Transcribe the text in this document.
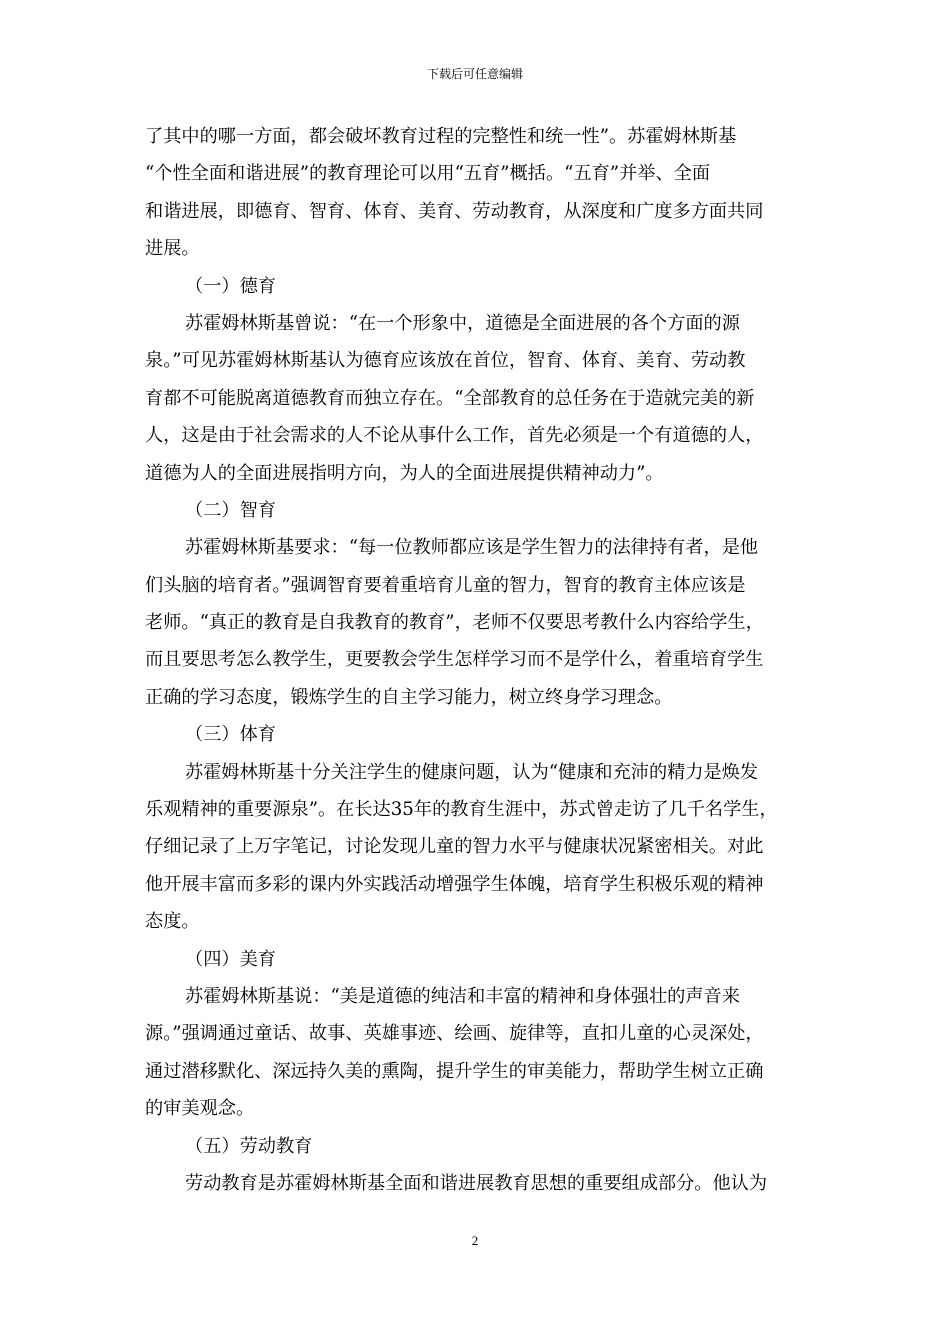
下载后可任意编辑
了其中的哪一方面，都会破坏教育过程的完整性和统一性”。苏霍姆林斯基
“个性全面和谐进展”的教育理论可以用“五育”概括。“五育”并举、全面
和谐进展，即德育、智育、体育、美育、劳动教育，从深度和广度多方面共同
进展。
（一）德育
苏霍姆林斯基曾说：“在一个形象中，道德是全面进展的各个方面的源
泉。”可见苏霍姆林斯基认为德育应该放在首位，智育、体育、美育、劳动教
育都不可能脱离道德教育而独立存在。“全部教育的总任务在于造就完美的新
人，这是由于社会需求的人不论从事什么工作，首先必须是一个有道德的人，
道德为人的全面进展指明方向，为人的全面进展提供精神动力”。
（二）智育
苏霍姆林斯基要求：“每一位教师都应该是学生智力的法律持有者，是他
们头脑的培育者。”强调智育要着重培育儿童的智力，智育的教育主体应该是
老师。“真正的教育是自我教育的教育”，老师不仅要思考教什么内容给学生，
而且要思考怎么教学生，更要教会学生怎样学习而不是学什么，着重培育学生
正确的学习态度，锻炼学生的自主学习能力，树立终身学习理念。
（三）体育
苏霍姆林斯基十分关注学生的健康问题，认为“健康和充沛的精力是焕发
乐观精神的重要源泉”。在长达35年的教育生涯中，苏式曾走访了几千名学生，
仔细记录了上万字笔记，讨论发现儿童的智力水平与健康状况紧密相关。对此
他开展丰富而多彩的课内外实践活动增强学生体魄，培育学生积极乐观的精神
态度。
（四）美育
苏霍姆林斯基说：“美是道德的纯洁和丰富的精神和身体强壮的声音来
源。”强调通过童话、故事、英雄事迹、绘画、旋律等，直扣儿童的心灵深处，
通过潜移默化、深远持久美的熏陶，提升学生的审美能力，帮助学生树立正确
的审美观念。
（五）劳动教育
劳动教育是苏霍姆林斯基全面和谐进展教育思想的重要组成部分。他认为
2
